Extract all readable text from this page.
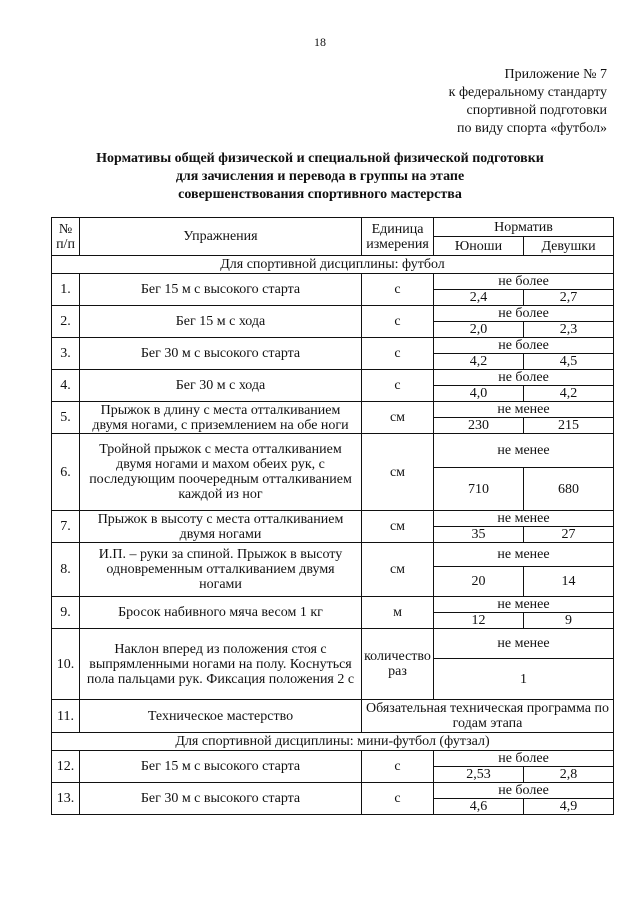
18
Приложение № 7
к федеральному стандарту
спортивной подготовки
по виду спорта «футбол»
Нормативы общей физической и специальной физической подготовки
для зачисления и перевода в группы на этапе
совершенствования спортивного мастерства
№ п/п	Упражнения	Единица измерения	Норматив	
			Юноши	Девушки
Для спортивной дисциплины: футбол				
1.	Бег 15 м с высокого старта	с	не более	
			2,4	2,7
2.	Бег 15 м с хода	с	не более	
			2,0	2,3
3.	Бег 30 м с высокого старта	с	не более	
			4,2	4,5
4.	Бег 30 м с хода	с	не более	
			4,0	4,2
5.	Прыжок в длину с места отталкиванием двумя ногами, с приземлением на обе ноги	см	не менее	
			230	215
6.	Тройной прыжок с места отталкиванием двумя ногами и махом обеих рук, с последующим поочередным отталкиванием каждой из ног	см	не менее	
			710	680
7.	Прыжок в высоту с места отталкиванием двумя ногами	см	не менее	
			35	27
8.	И.П. – руки за спиной. Прыжок в высоту одновременным отталкиванием двумя ногами	см	не менее	
			20	14
9.	Бросок набивного мяча весом 1 кг	м	не менее	
			12	9
10.	Наклон вперед из положения стоя с выпрямленными ногами на полу. Коснуться пола пальцами рук. Фиксация положения 2 с	количество раз	не менее	
			1	
11.	Техническое мастерство	Обязательная техническая программа по годам этапа		
Для спортивной дисциплины: мини-футбол (футзал)				
12.	Бег 15 м с высокого старта	с	не более	
			2,53	2,8
13.	Бег 30 м с высокого старта	с	не более	
			4,6	4,9
